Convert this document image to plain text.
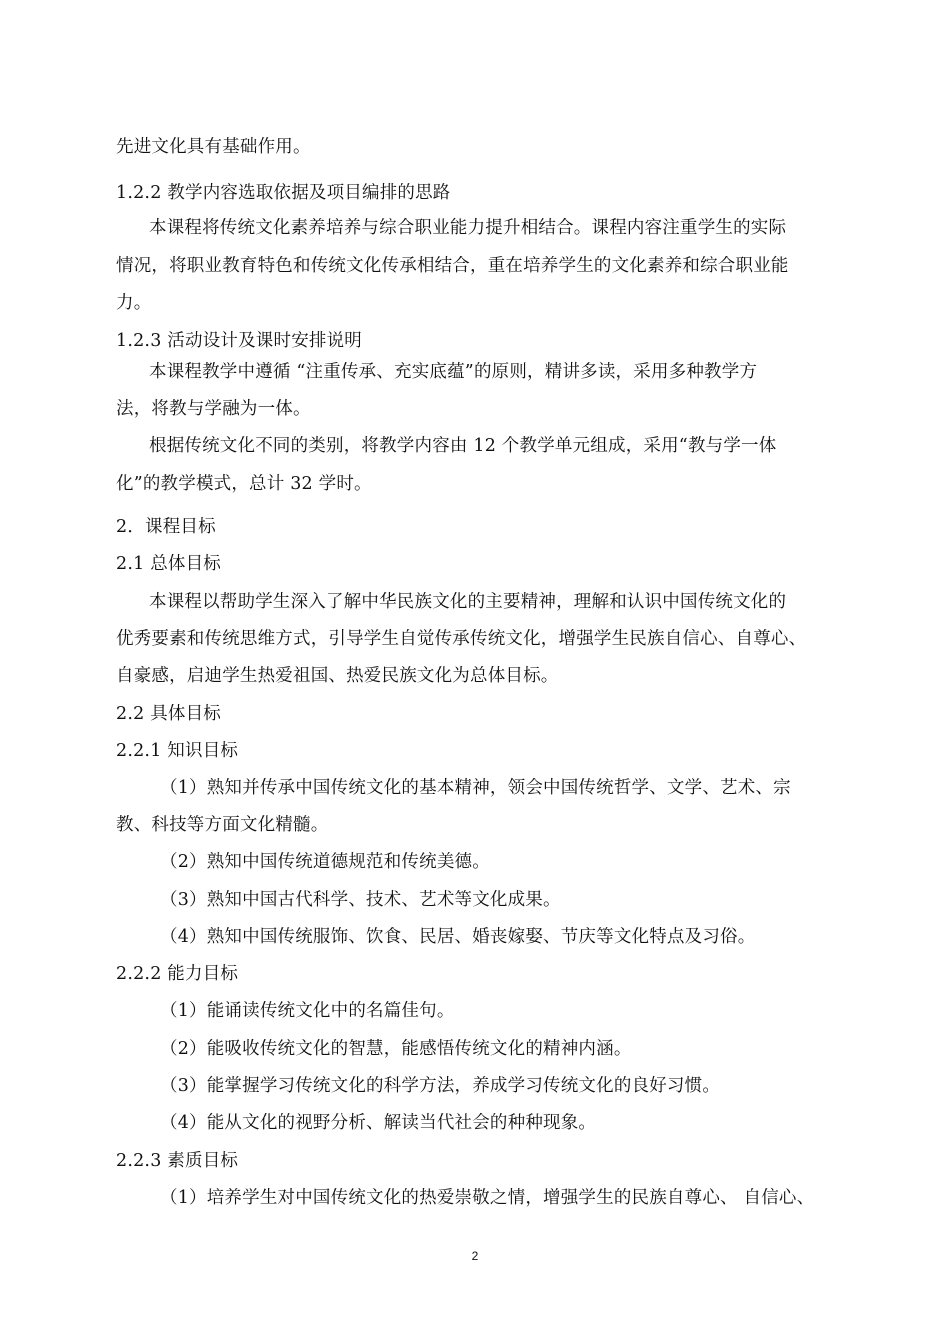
先进文化具有基础作用。
1.2.2 教学内容选取依据及项目编排的思路
本课程将传统文化素养培养与综合职业能力提升相结合。课程内容注重学生的实际
情况，将职业教育特色和传统文化传承相结合，重在培养学生的文化素养和综合职业能
力。
1.2.3 活动设计及课时安排说明
本课程教学中遵循 “注重传承、充实底蕴”的原则，精讲多读，采用多种教学方
法，将教与学融为一体。
根据传统文化不同的类别，将教学内容由 12 个教学单元组成，采用“教与学一体
化”的教学模式，总计 32 学时。
2．课程目标
2.1 总体目标
本课程以帮助学生深入了解中华民族文化的主要精神，理解和认识中国传统文化的
优秀要素和传统思维方式，引导学生自觉传承传统文化，增强学生民族自信心、自尊心、
自豪感，启迪学生热爱祖国、热爱民族文化为总体目标。
2.2 具体目标
2.2.1 知识目标
（1）熟知并传承中国传统文化的基本精神，领会中国传统哲学、文学、艺术、宗
教、科技等方面文化精髓。
（2）熟知中国传统道德规范和传统美德。
（3）熟知中国古代科学、技术、艺术等文化成果。
（4）熟知中国传统服饰、饮食、民居、婚丧嫁娶、节庆等文化特点及习俗。
2.2.2 能力目标
（1）能诵读传统文化中的名篇佳句。
（2）能吸收传统文化的智慧，能感悟传统文化的精神内涵。
（3）能掌握学习传统文化的科学方法，养成学习传统文化的良好习惯。
（4）能从文化的视野分析、解读当代社会的种种现象。
2.2.3 素质目标
（1）培养学生对中国传统文化的热爱崇敬之情，增强学生的民族自尊心、 自信心、
2
